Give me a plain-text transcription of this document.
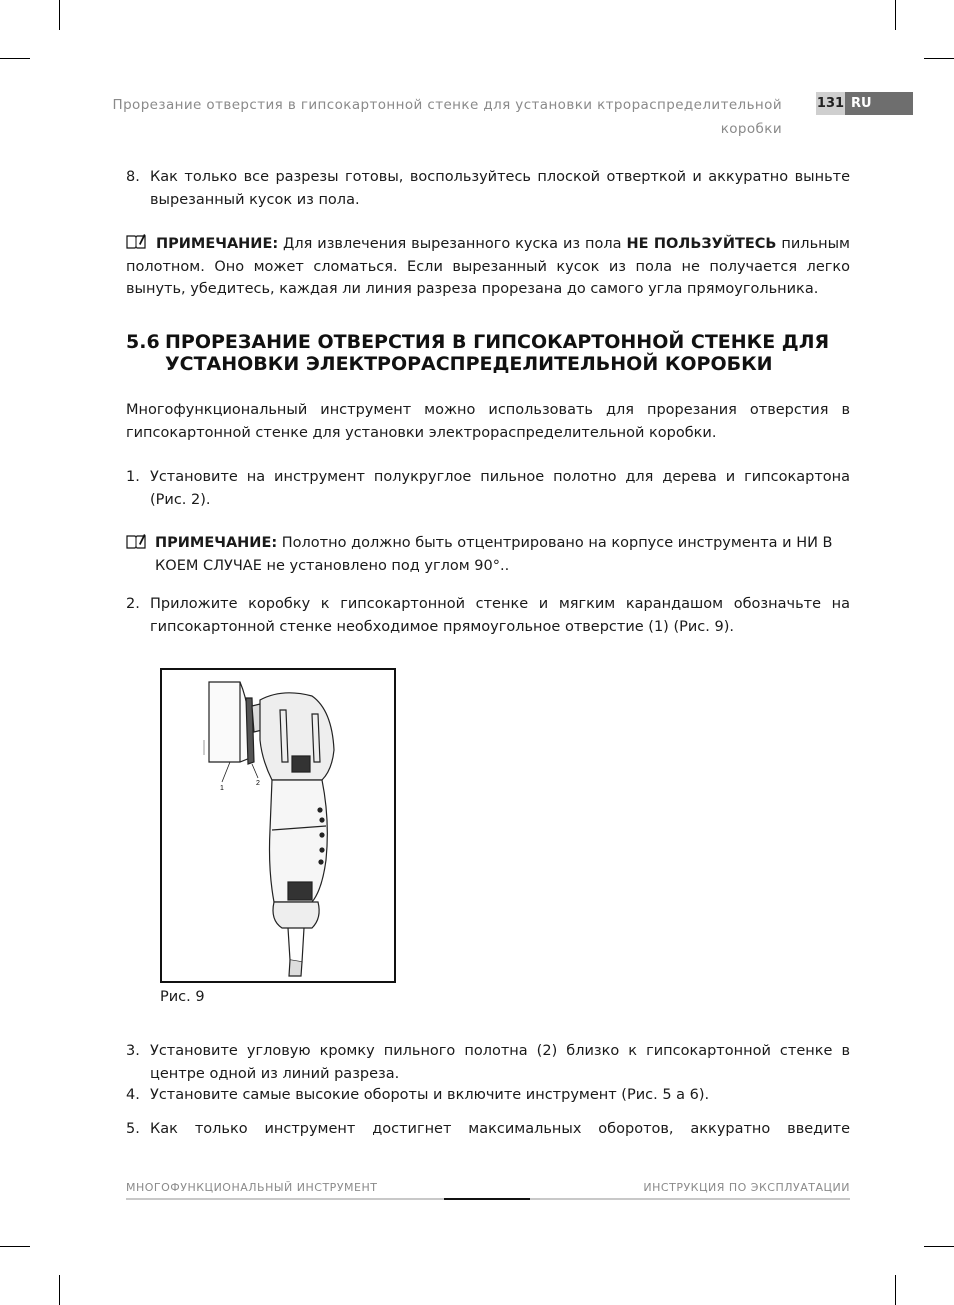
Прорезание отверстия в гипсокартонной стенке для установки ктрораспределительной коробки
131 RU
8. Как только все разрезы готовы, воспользуйтесь плоской отверткой и аккуратно выньте вырезанный кусок из пола.
ПРИМЕЧАНИЕ: Для извлечения вырезанного куска из пола НЕ ПОЛЬЗУЙТЕСЬ пильным полотном. Оно может сломаться. Если вырезанный кусок из пола не получается легко вынуть, убедитесь, каждая ли линия разреза прорезана до самого угла прямоугольника.
5.6 ПРОРЕЗАНИЕ ОТВЕРСТИЯ В ГИПСОКАРТОННОЙ СТЕНКЕ ДЛЯ УСТАНОВКИ ЭЛЕКТРОРАСПРЕДЕЛИТЕЛЬНОЙ КОРОБКИ
Многофункциональный инструмент можно использовать для прорезания отверстия в гипсокартонной стенке для установки электрораспределительной коробки.
1. Установите на инструмент полукруглое пильное полотно для дерева и гипсокартона (Рис. 2).
ПРИМЕЧАНИЕ: Полотно должно быть отцентрировано на корпусе инструмента и НИ В КОЕМ СЛУЧАЕ не установлено под углом 90°..
2. Приложите коробку к гипсокартонной стенке и мягким карандашом обозначьте на гипсокартонной стенке необходимое прямоугольное отверстие (1) (Рис. 9).
1
2
Рис. 9
3. Установите угловую кромку пильного полотна (2) близко к гипсокартонной стенке в центре одной из линий разреза.
4. Установите самые высокие обороты и включите инструмент (Рис. 5 а 6).
5. Как только инструмент достигнет максимальных оборотов, аккуратно введите
МНОГОФУНКЦИОНАЛЬНЫЙ ИНСТРУМЕНТ	ИНСТРУКЦИЯ ПО ЭКСПЛУАТАЦИИ
